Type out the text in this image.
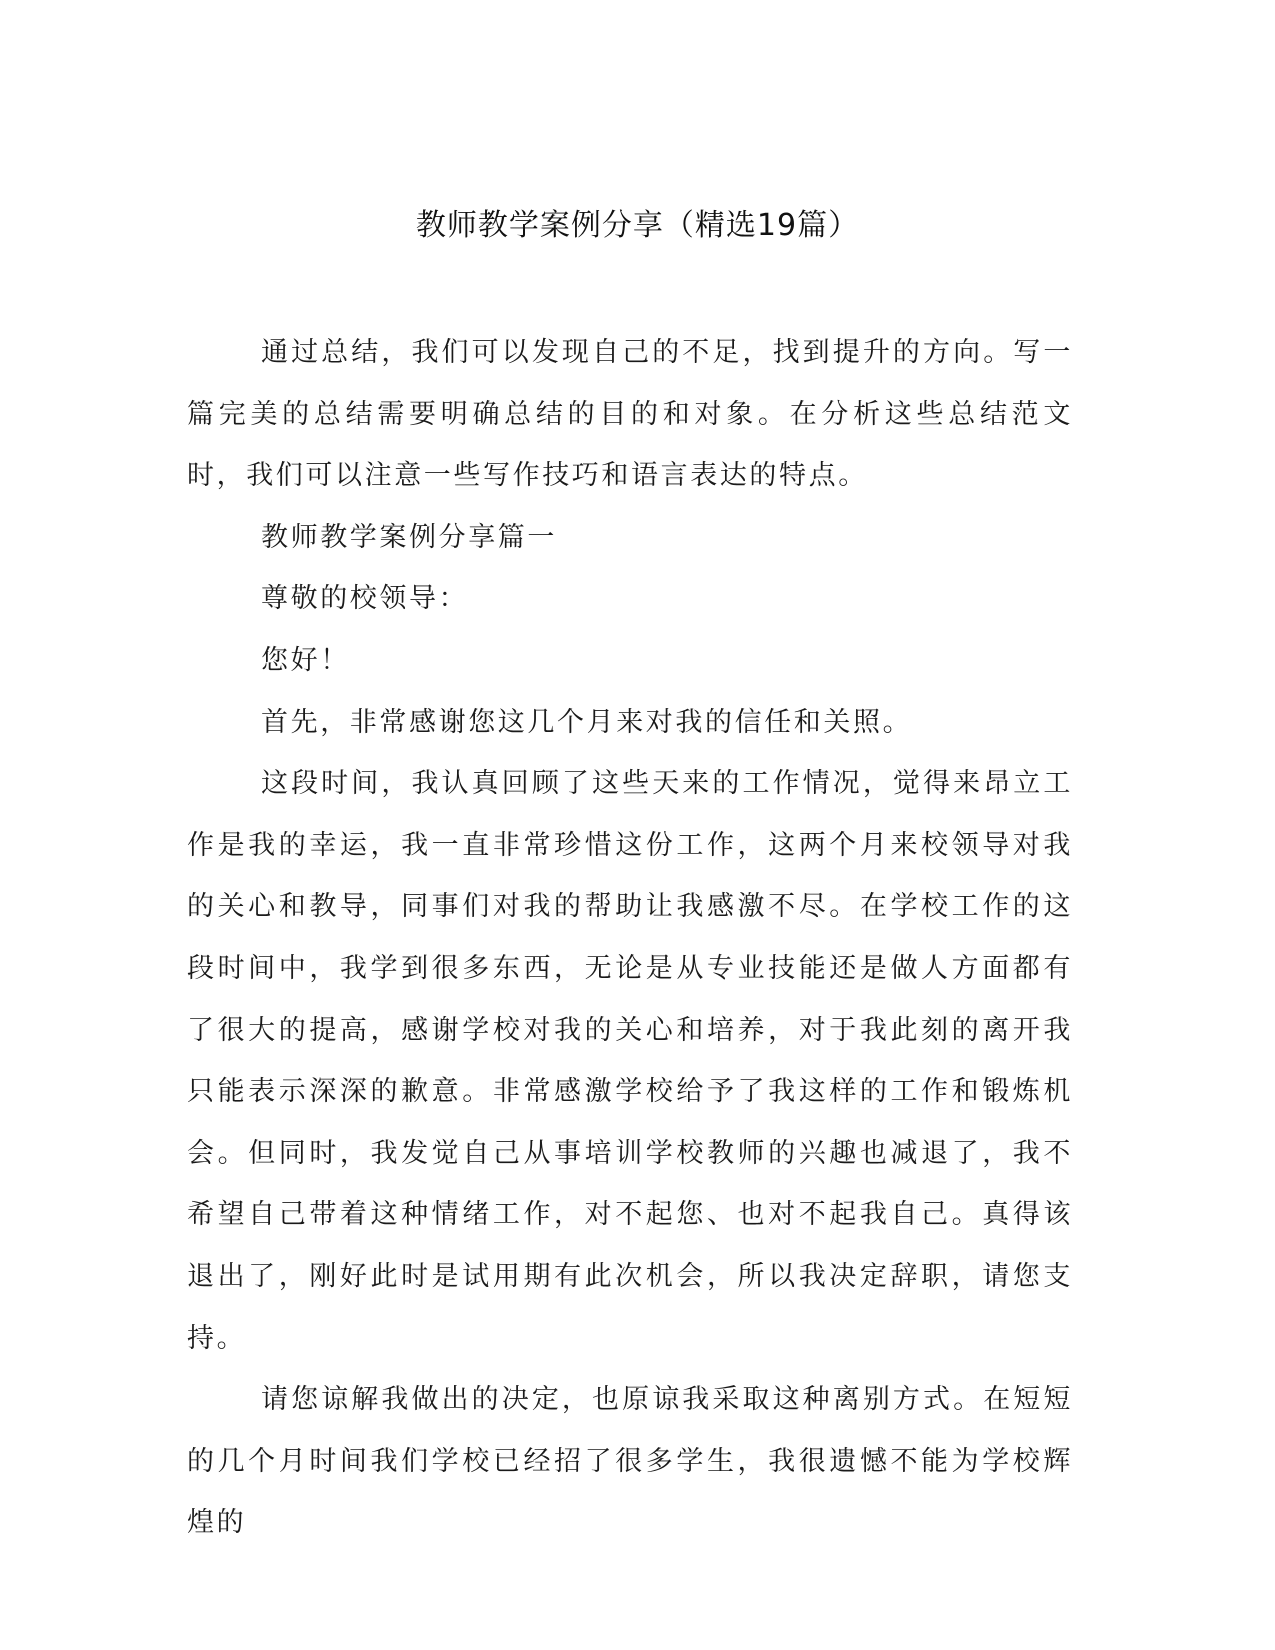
教师教学案例分享（精选19篇）

通过总结，我们可以发现自己的不足，找到提升的方向。写一篇完美的总结需要明确总结的目的和对象。在分析这些总结范文时，我们可以注意一些写作技巧和语言表达的特点。

教师教学案例分享篇一

尊敬的校领导：

您好！

首先，非常感谢您这几个月来对我的信任和关照。

这段时间，我认真回顾了这些天来的工作情况，觉得来昂立工作是我的幸运，我一直非常珍惜这份工作，这两个月来校领导对我的关心和教导，同事们对我的帮助让我感激不尽。在学校工作的这段时间中，我学到很多东西，无论是从专业技能还是做人方面都有了很大的提高，感谢学校对我的关心和培养，对于我此刻的离开我只能表示深深的歉意。非常感激学校给予了我这样的工作和锻炼机会。但同时，我发觉自己从事培训学校教师的兴趣也减退了，我不希望自己带着这种情绪工作，对不起您、也对不起我自己。真得该退出了，刚好此时是试用期有此次机会，所以我决定辞职，请您支持。

请您谅解我做出的决定，也原谅我采取这种离别方式。在短短的几个月时间我们学校已经招了很多学生，我很遗憾不能为学校辉煌的
